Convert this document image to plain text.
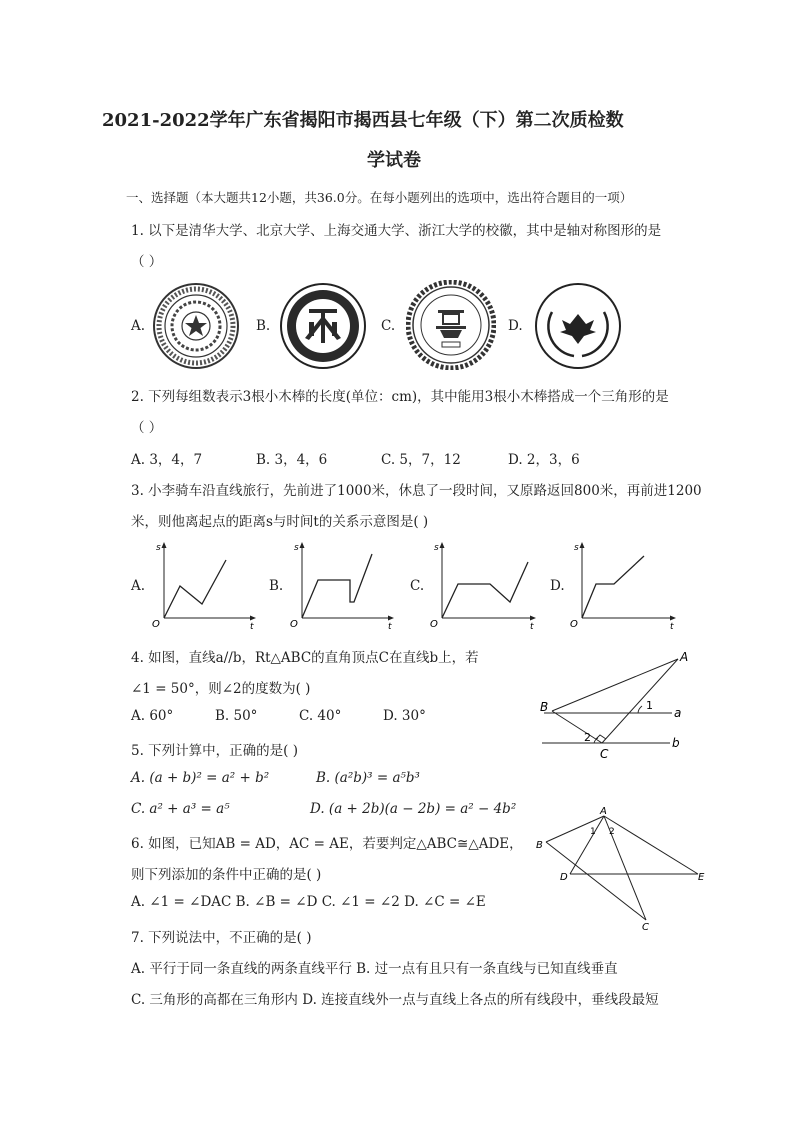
2021-2022学年广东省揭阳市揭西县七年级（下）第二次质检数
学试卷
一、选择题（本大题共12小题，共36.0分。在每小题列出的选项中，选出符合题目的一项）
1. 以下是清华大学、北京大学、上海交通大学、浙江大学的校徽，其中是轴对称图形的是
（ ）
A.	B.	C.	D.
2. 下列每组数表示3根小木棒的长度(单位：cm)，其中能用3根小木棒搭成一个三角形的是
（ ）
A. 3，4，7	B. 3，4，6	C. 5，7，12	D. 2，3，6
3. 小李骑车沿直线旅行，先前进了1000米，休息了一段时间，又原路返回800米，再前进1200
米，则他离起点的距离s与时间t的关系示意图是( )
A.	B.	C.	D.
s
t
O
s
t
O
s
t
O
s
t
O
4. 如图，直线a//b，Rt△ABC的直角顶点C在直线b上，若
∠1 = 50°，则∠2的度数为( )
A. 60°	B. 50°	C. 40°	D. 30°
A
B
C
a
b
1
2
5. 下列计算中，正确的是( )
A. (a + b)² = a² + b²	B. (a²b)³ = a⁵b³
C. a² + a³ = a⁵	D. (a + 2b)(a − 2b) = a² − 4b²
6. 如图，已知AB = AD，AC = AE，若要判定△ABC≅△ADE，
则下列添加的条件中正确的是( )
A. ∠1 = ∠DAC B. ∠B = ∠D C. ∠1 = ∠2 D. ∠C = ∠E
A
B
C
D	E
1 2
7. 下列说法中，不正确的是( )
A. 平行于同一条直线的两条直线平行 B. 过一点有且只有一条直线与已知直线垂直
C. 三角形的高都在三角形内 D. 连接直线外一点与直线上各点的所有线段中，垂线段最短
